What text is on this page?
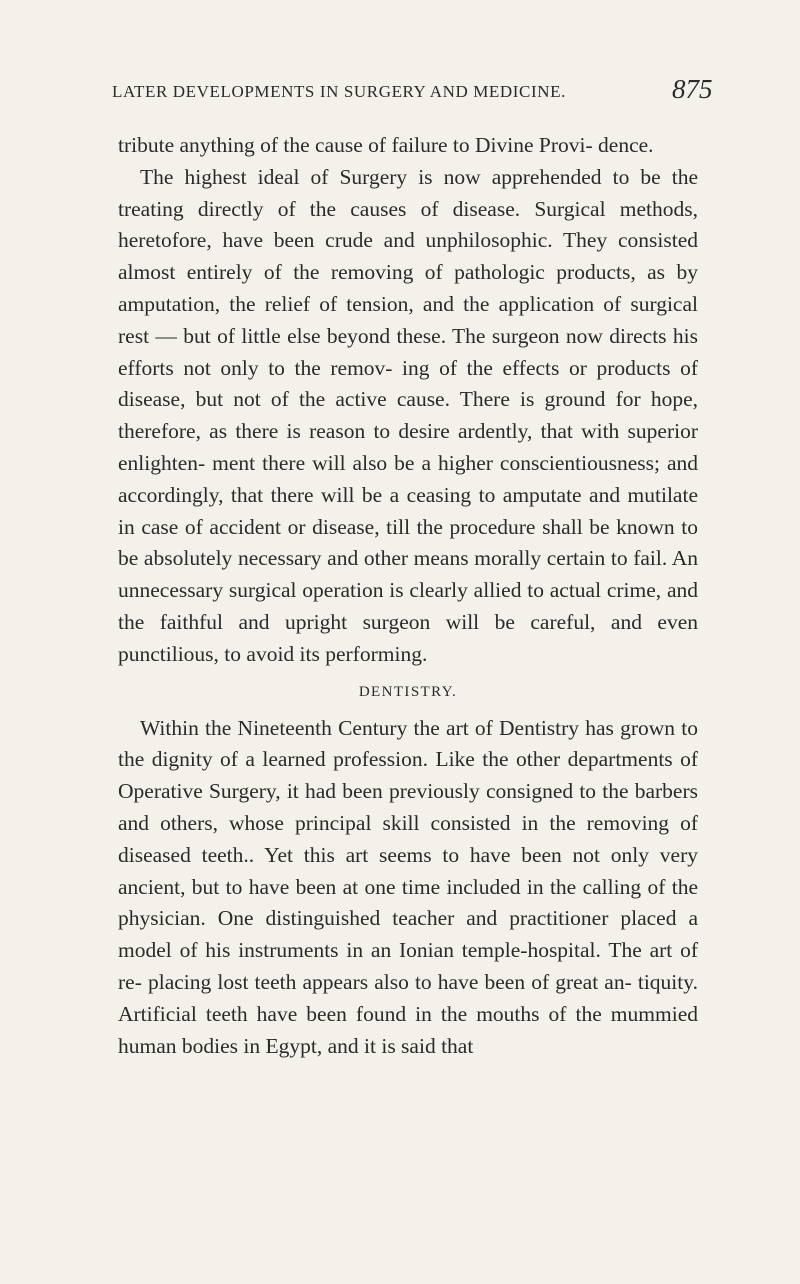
LATER DEVELOPMENTS IN SURGERY AND MEDICINE.	875

tribute anything of the cause of failure to Divine Provi- dence.

The highest ideal of Surgery is now apprehended to be the treating directly of the causes of disease. Surgical methods, heretofore, have been crude and unphilosophic. They consisted almost entirely of the removing of pathologic products, as by amputation, the relief of tension, and the application of surgical rest — but of little else beyond these. The surgeon now directs his efforts not only to the remov- ing of the effects or products of disease, but not of the active cause. There is ground for hope, therefore, as there is reason to desire ardently, that with superior enlighten- ment there will also be a higher conscientiousness; and accordingly, that there will be a ceasing to amputate and mutilate in case of accident or disease, till the procedure shall be known to be absolutely necessary and other means morally certain to fail. An unnecessary surgical operation is clearly allied to actual crime, and the faithful and upright surgeon will be careful, and even punctilious, to avoid its performing.

DENTISTRY.

Within the Nineteenth Century the art of Dentistry has grown to the dignity of a learned profession. Like the other departments of Operative Surgery, it had been previously consigned to the barbers and others, whose principal skill consisted in the removing of diseased teeth.. Yet this art seems to have been not only very ancient, but to have been at one time included in the calling of the physician. One distinguished teacher and practitioner placed a model of his instruments in an Ionian temple-hospital. The art of re- placing lost teeth appears also to have been of great an- tiquity. Artificial teeth have been found in the mouths of the mummied human bodies in Egypt, and it is said that
